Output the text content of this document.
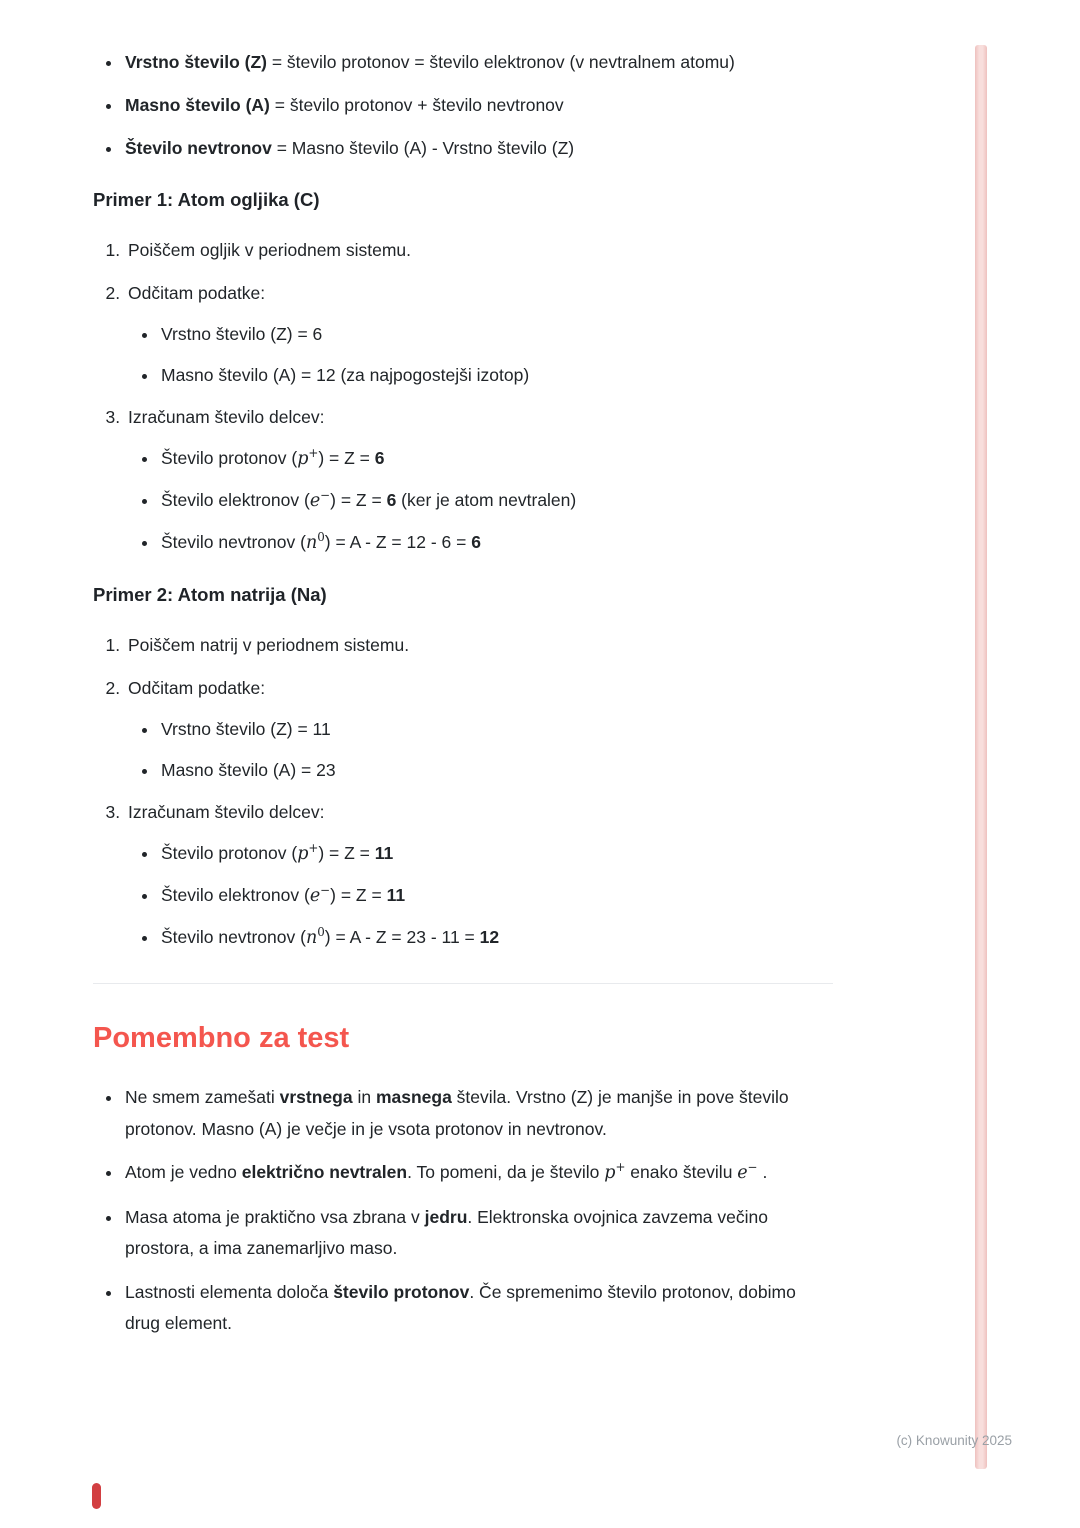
• Vrstno število (Z) = število protonov = število elektronov (v nevtralnem atomu)
• Masno število (A) = število protonov + število nevtronov
• Število nevtronov = Masno število (A) - Vrstno število (Z)
Primer 1: Atom ogljika (C)
1. Poiščem ogljik v periodnem sistemu.
2. Odčitam podatke:
• Vrstno število (Z) = 6
• Masno število (A) = 12 (za najpogostejši izotop)
3. Izračunam število delcev:
• Število protonov (p+) = Z = 6
• Število elektronov (e−) = Z = 6 (ker je atom nevtralen)
• Število nevtronov $(n^0) = A - Z = 12 - 6 = 6$
Primer 2: Atom natrija (Na)
1. Poiščem natrij v periodnem sistemu.
2. Odčitam podatke:
• Vrstno število (Z) = 11
• Masno število (A) = 23
3. Izračunam število delcev:
• Število protonov (p+) = Z = 11
• Število elektronov (e−) = Z = 11
• Število nevtronov $(n^0) = A - Z = 23 - 11 = 12$
Pomembno za test
• Ne smem zamešati vrstnega in masnega števila. Vrstno (Z) je manjše in pove število protonov. Masno (A) je večje in je vsota protonov in nevtronov.
• Atom je vedno električno nevtralen. To pomeni, da je število p+ enako številu e− .
• Masa atoma je praktično vsa zbrana v jedru. Elektronska ovojnica zavzema večino prostora, a ima zanemarljivo maso.
• Lastnosti elementa določa število protonov. Če spremenimo število protonov, dobimo drug element.
(c) Knowunity 2025
